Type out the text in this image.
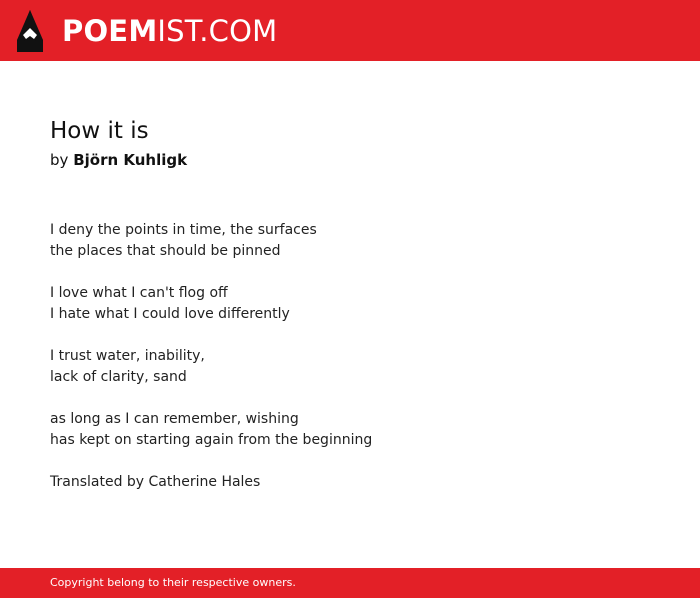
POEMIST.COM
How it is
by Björn Kuhligk
I deny the points in time, the surfaces
the places that should be pinned
I love what I can't flog off
I hate what I could love differently
I trust water, inability,
lack of clarity, sand
as long as I can remember, wishing
has kept on starting again from the beginning
Translated by Catherine Hales
Copyright belong to their respective owners.
